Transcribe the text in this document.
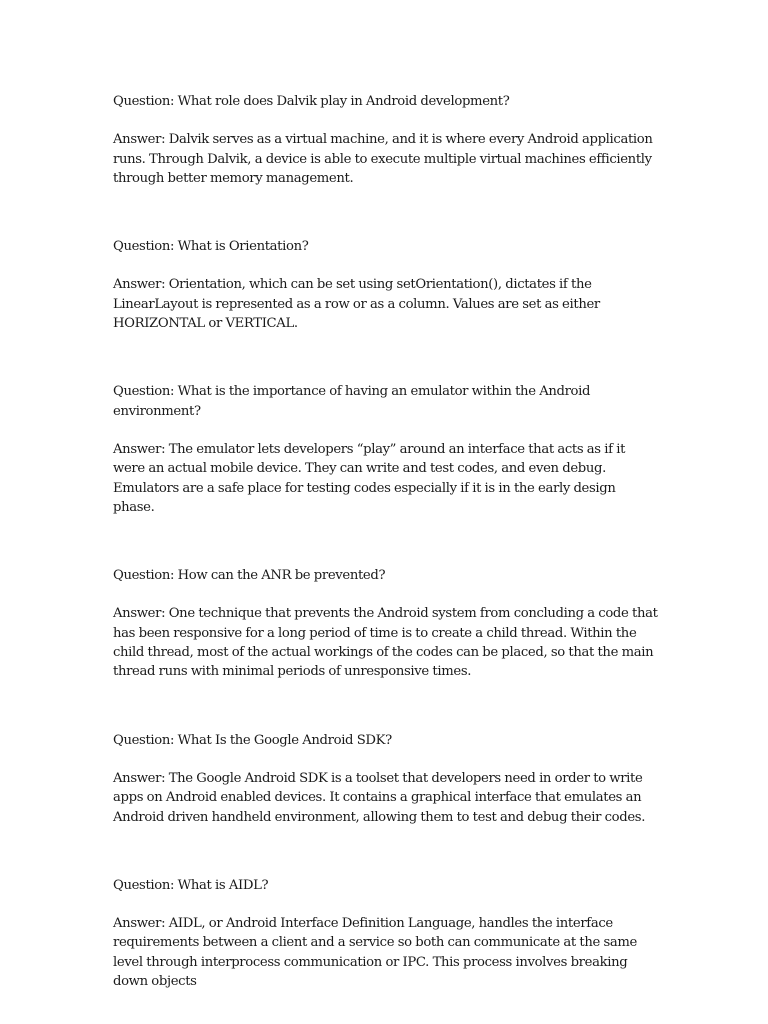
Question: What role does Dalvik play in Android development?

Answer: Dalvik serves as a virtual machine, and it is where every Android application runs. Through Dalvik, a device is able to execute multiple virtual machines efficiently through better memory management.

Question: What is Orientation?

Answer: Orientation, which can be set using setOrientation(), dictates if the LinearLayout is represented as a row or as a column. Values are set as either HORIZONTAL or VERTICAL.

Question: What is the importance of having an emulator within the Android environment?

Answer: The emulator lets developers “play” around an interface that acts as if it were an actual mobile device. They can write and test codes, and even debug. Emulators are a safe place for testing codes especially if it is in the early design phase.

Question: How can the ANR be prevented?

Answer: One technique that prevents the Android system from concluding a code that has been responsive for a long period of time is to create a child thread. Within the child thread, most of the actual workings of the codes can be placed, so that the main thread runs with minimal periods of unresponsive times.

Question: What Is the Google Android SDK?

Answer: The Google Android SDK is a toolset that developers need in order to write apps on Android enabled devices. It contains a graphical interface that emulates an Android driven handheld environment, allowing them to test and debug their codes.

Question: What is AIDL?

Answer: AIDL, or Android Interface Definition Language, handles the interface requirements between a client and a service so both can communicate at the same level through interprocess communication or IPC. This process involves breaking down objects
